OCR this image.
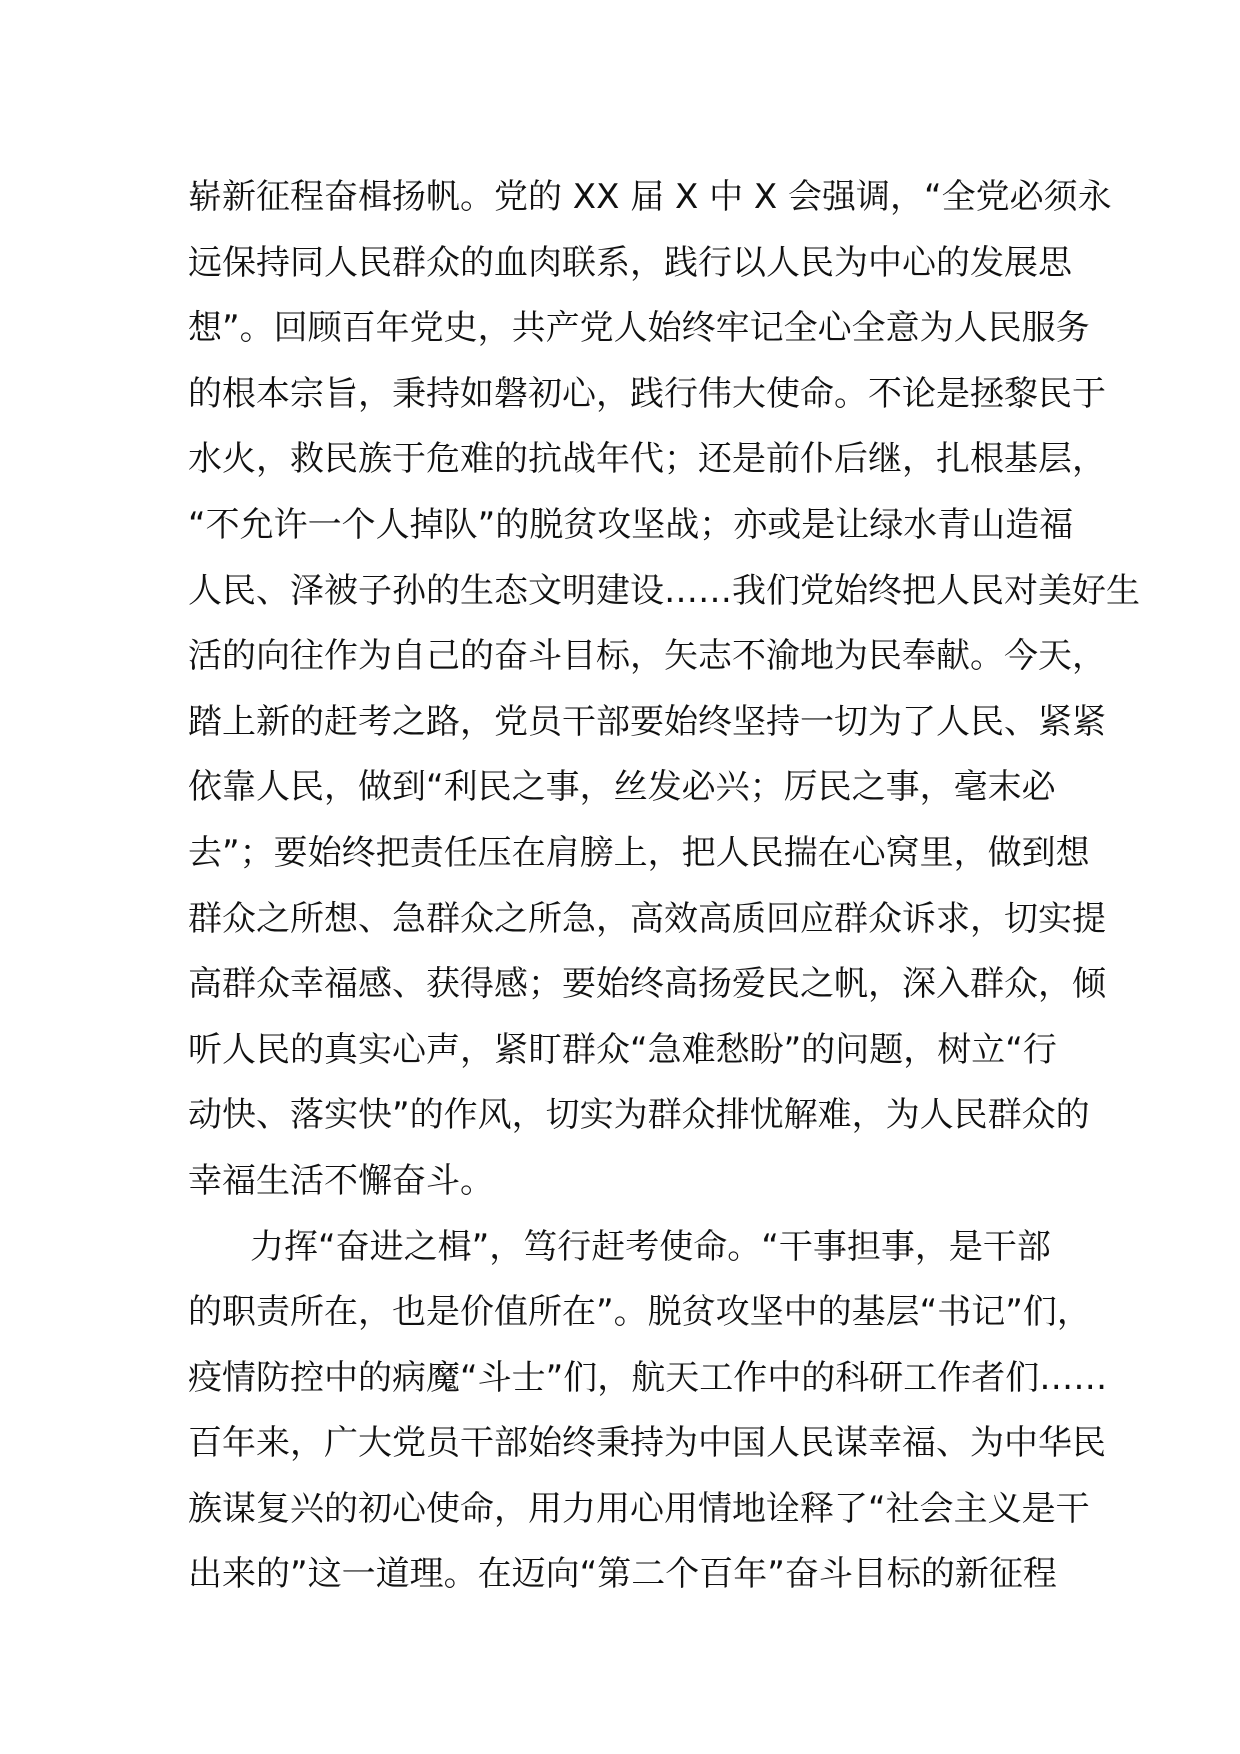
崭新征程奋楫扬帆。党的 XX 届 X 中 X 会强调，“全党必须永
远保持同人民群众的血肉联系，践行以人民为中心的发展思
想”。回顾百年党史，共产党人始终牢记全心全意为人民服务
的根本宗旨，秉持如磐初心，践行伟大使命。不论是拯黎民于
水火，救民族于危难的抗战年代；还是前仆后继，扎根基层，
“不允许一个人掉队”的脱贫攻坚战；亦或是让绿水青山造福
人民、泽被子孙的生态文明建设……我们党始终把人民对美好生
活的向往作为自己的奋斗目标，矢志不渝地为民奉献。今天，
踏上新的赶考之路，党员干部要始终坚持一切为了人民、紧紧
依靠人民，做到“利民之事，丝发必兴；厉民之事，毫末必
去”；要始终把责任压在肩膀上，把人民揣在心窝里，做到想
群众之所想、急群众之所急，高效高质回应群众诉求，切实提
高群众幸福感、获得感；要始终高扬爱民之帆，深入群众，倾
听人民的真实心声，紧盯群众“急难愁盼”的问题，树立“行
动快、落实快”的作风，切实为群众排忧解难，为人民群众的
幸福生活不懈奋斗。
力挥“奋进之楫”，笃行赶考使命。“干事担事，是干部
的职责所在，也是价值所在”。脱贫攻坚中的基层“书记”们，
疫情防控中的病魔“斗士”们，航天工作中的科研工作者们……
百年来，广大党员干部始终秉持为中国人民谋幸福、为中华民
族谋复兴的初心使命，用力用心用情地诠释了“社会主义是干
出来的”这一道理。在迈向“第二个百年”奋斗目标的新征程
